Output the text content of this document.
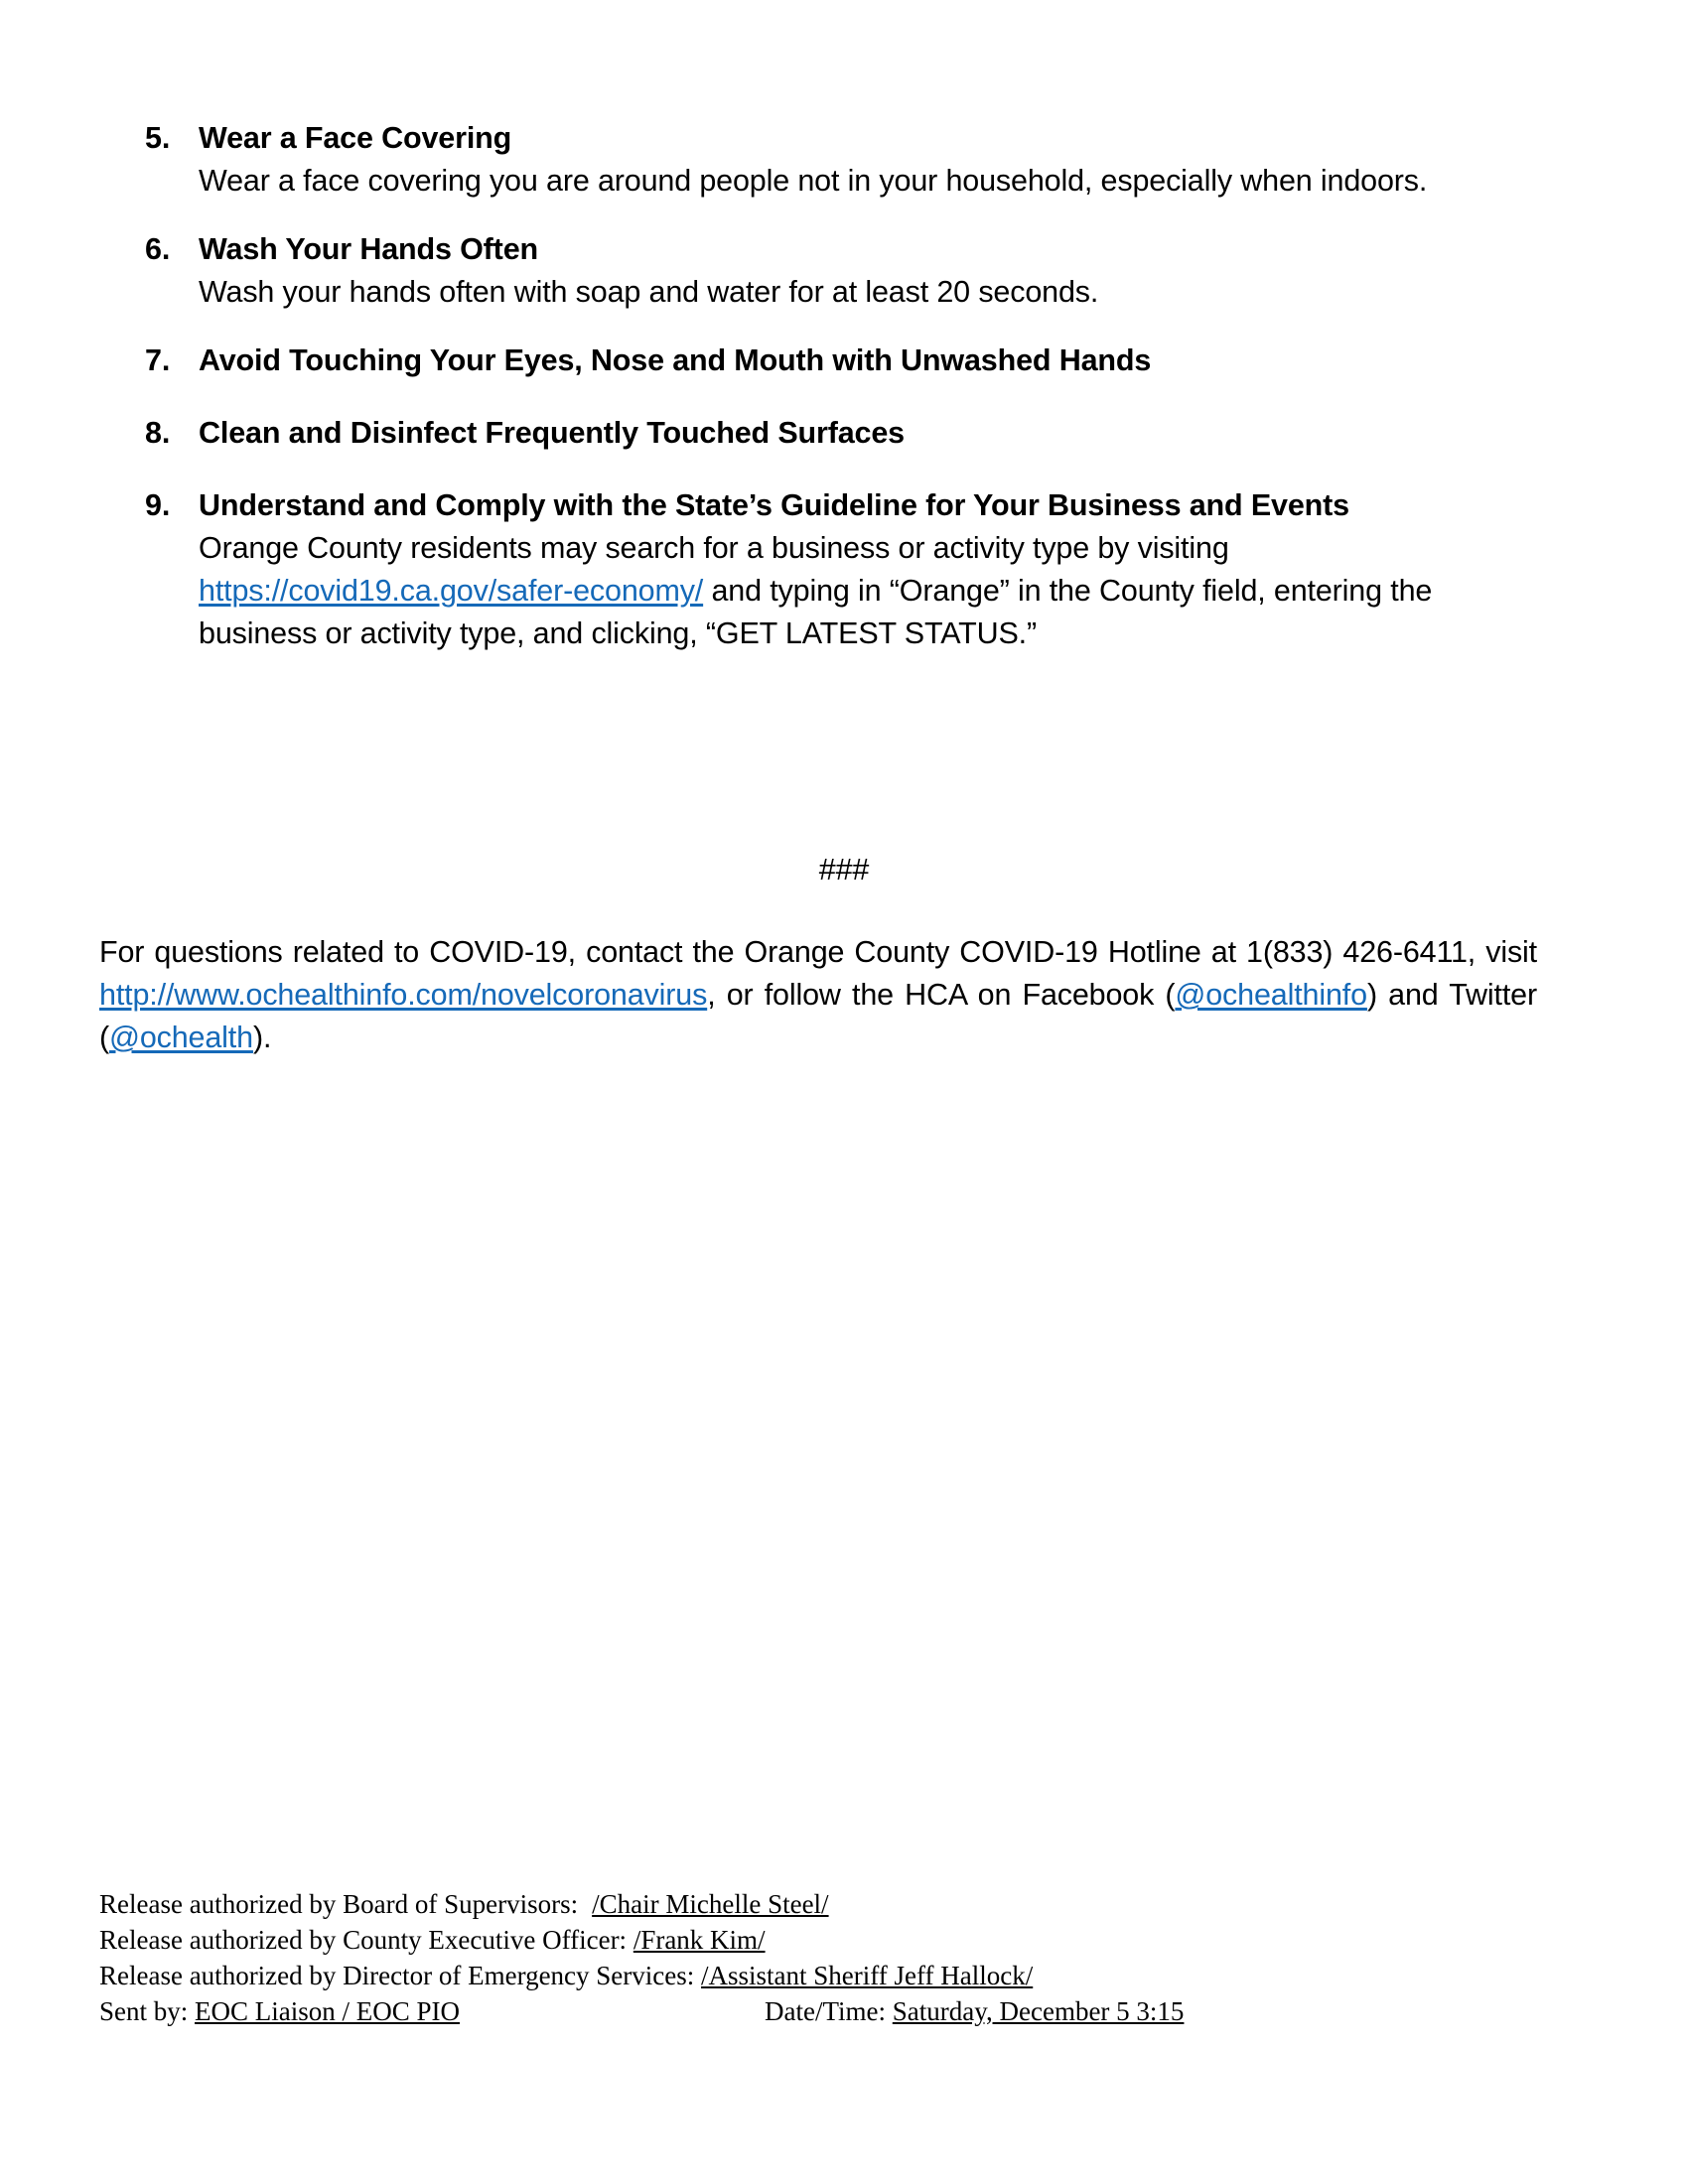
5. Wear a Face Covering

Wear a face covering you are around people not in your household, especially when indoors.

6. Wash Your Hands Often

Wash your hands often with soap and water for at least 20 seconds.

7. Avoid Touching Your Eyes, Nose and Mouth with Unwashed Hands

8. Clean and Disinfect Frequently Touched Surfaces

9. Understand and Comply with the State’s Guideline for Your Business and Events

Orange County residents may search for a business or activity type by visiting https://covid19.ca.gov/safer-economy/ and typing in “Orange” in the County field, entering the business or activity type, and clicking, “GET LATEST STATUS.”

###
For questions related to COVID-19, contact the Orange County COVID-19 Hotline at 1(833) 426-6411, visit http://www.ochealthinfo.com/novelcoronavirus, or follow the HCA on Facebook (@ochealthinfo) and Twitter (@ochealth).
Release authorized by Board of Supervisors: /Chair Michelle Steel/
Release authorized by County Executive Officer: /Frank Kim/
Release authorized by Director of Emergency Services: /Assistant Sheriff Jeff Hallock/
Sent by: EOC Liaison / EOC PIO	Date/Time: Saturday, December 5 3:15
